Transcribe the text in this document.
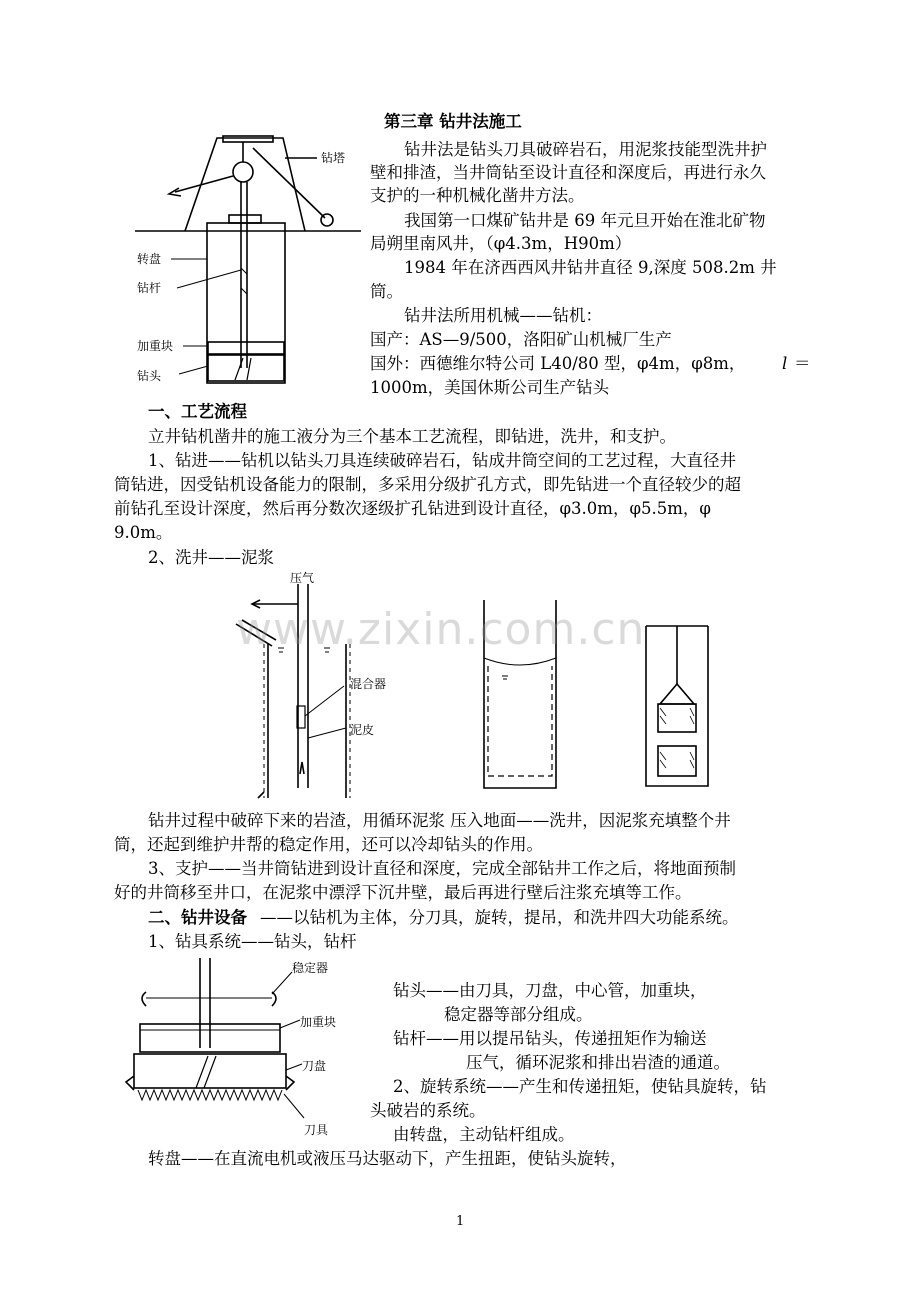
第三章 钻井法施工
钻井法是钻头刀具破碎岩石，用泥浆技能型洗井护
壁和排渣，当井筒钻至设计直径和深度后，再进行永久
支护的一种机械化凿井方法。
我国第一口煤矿钻井是 69 年元旦开始在淮北矿物
局朔里南风井，（φ4.3m，H90m）
1984 年在济西西风井钻井直径 9,深度 508.2m 井
筒。
钻井法所用机械——钻机：
国产：AS—9/500，洛阳矿山机械厂生产
国外：西德维尔特公司 L40/80 型，φ4m，φ8m， l ＝
1000m，美国休斯公司生产钻头
钻塔
转盘
钻杆
加重块
钻头
一、工艺流程
立井钻机凿井的施工液分为三个基本工艺流程，即钻进，洗井，和支护。
1、钻进——钻机以钻头刀具连续破碎岩石，钻成井筒空间的工艺过程，大直径井
筒钻进，因受钻机设备能力的限制，多采用分级扩孔方式，即先钻进一个直径较少的超
前钻孔至设计深度，然后再分数次逐级扩孔钻进到设计直径，φ3.0m，φ5.5m，φ
9.0m。
2、洗井——泥浆
压气
混合器
泥皮
www.zixin.com.cn
钻井过程中破碎下来的岩渣，用循环泥浆 压入地面——洗井，因泥浆充填整个井
筒，还起到维护井帮的稳定作用，还可以冷却钻头的作用。
3、支护——当井筒钻进到设计直径和深度，完成全部钻井工作之后，将地面预制
好的井筒移至井口，在泥浆中漂浮下沉井壁，最后再进行壁后注浆充填等工作。
二、钻井设备 ——以钻机为主体，分刀具，旋转，提吊，和洗井四大功能系统。
1、钻具系统——钻头，钻杆
稳定器
加重块
刀盘
刀具
钻头——由刀具，刀盘，中心管，加重块，
稳定器等部分组成。
钻杆——用以提吊钻头，传递扭矩作为输送
压气，循环泥浆和排出岩渣的通道。
2、旋转系统——产生和传递扭矩，使钻具旋转，钻
头破岩的系统。
由转盘，主动钻杆组成。
转盘——在直流电机或液压马达驱动下，产生扭距，使钻头旋转，
1
